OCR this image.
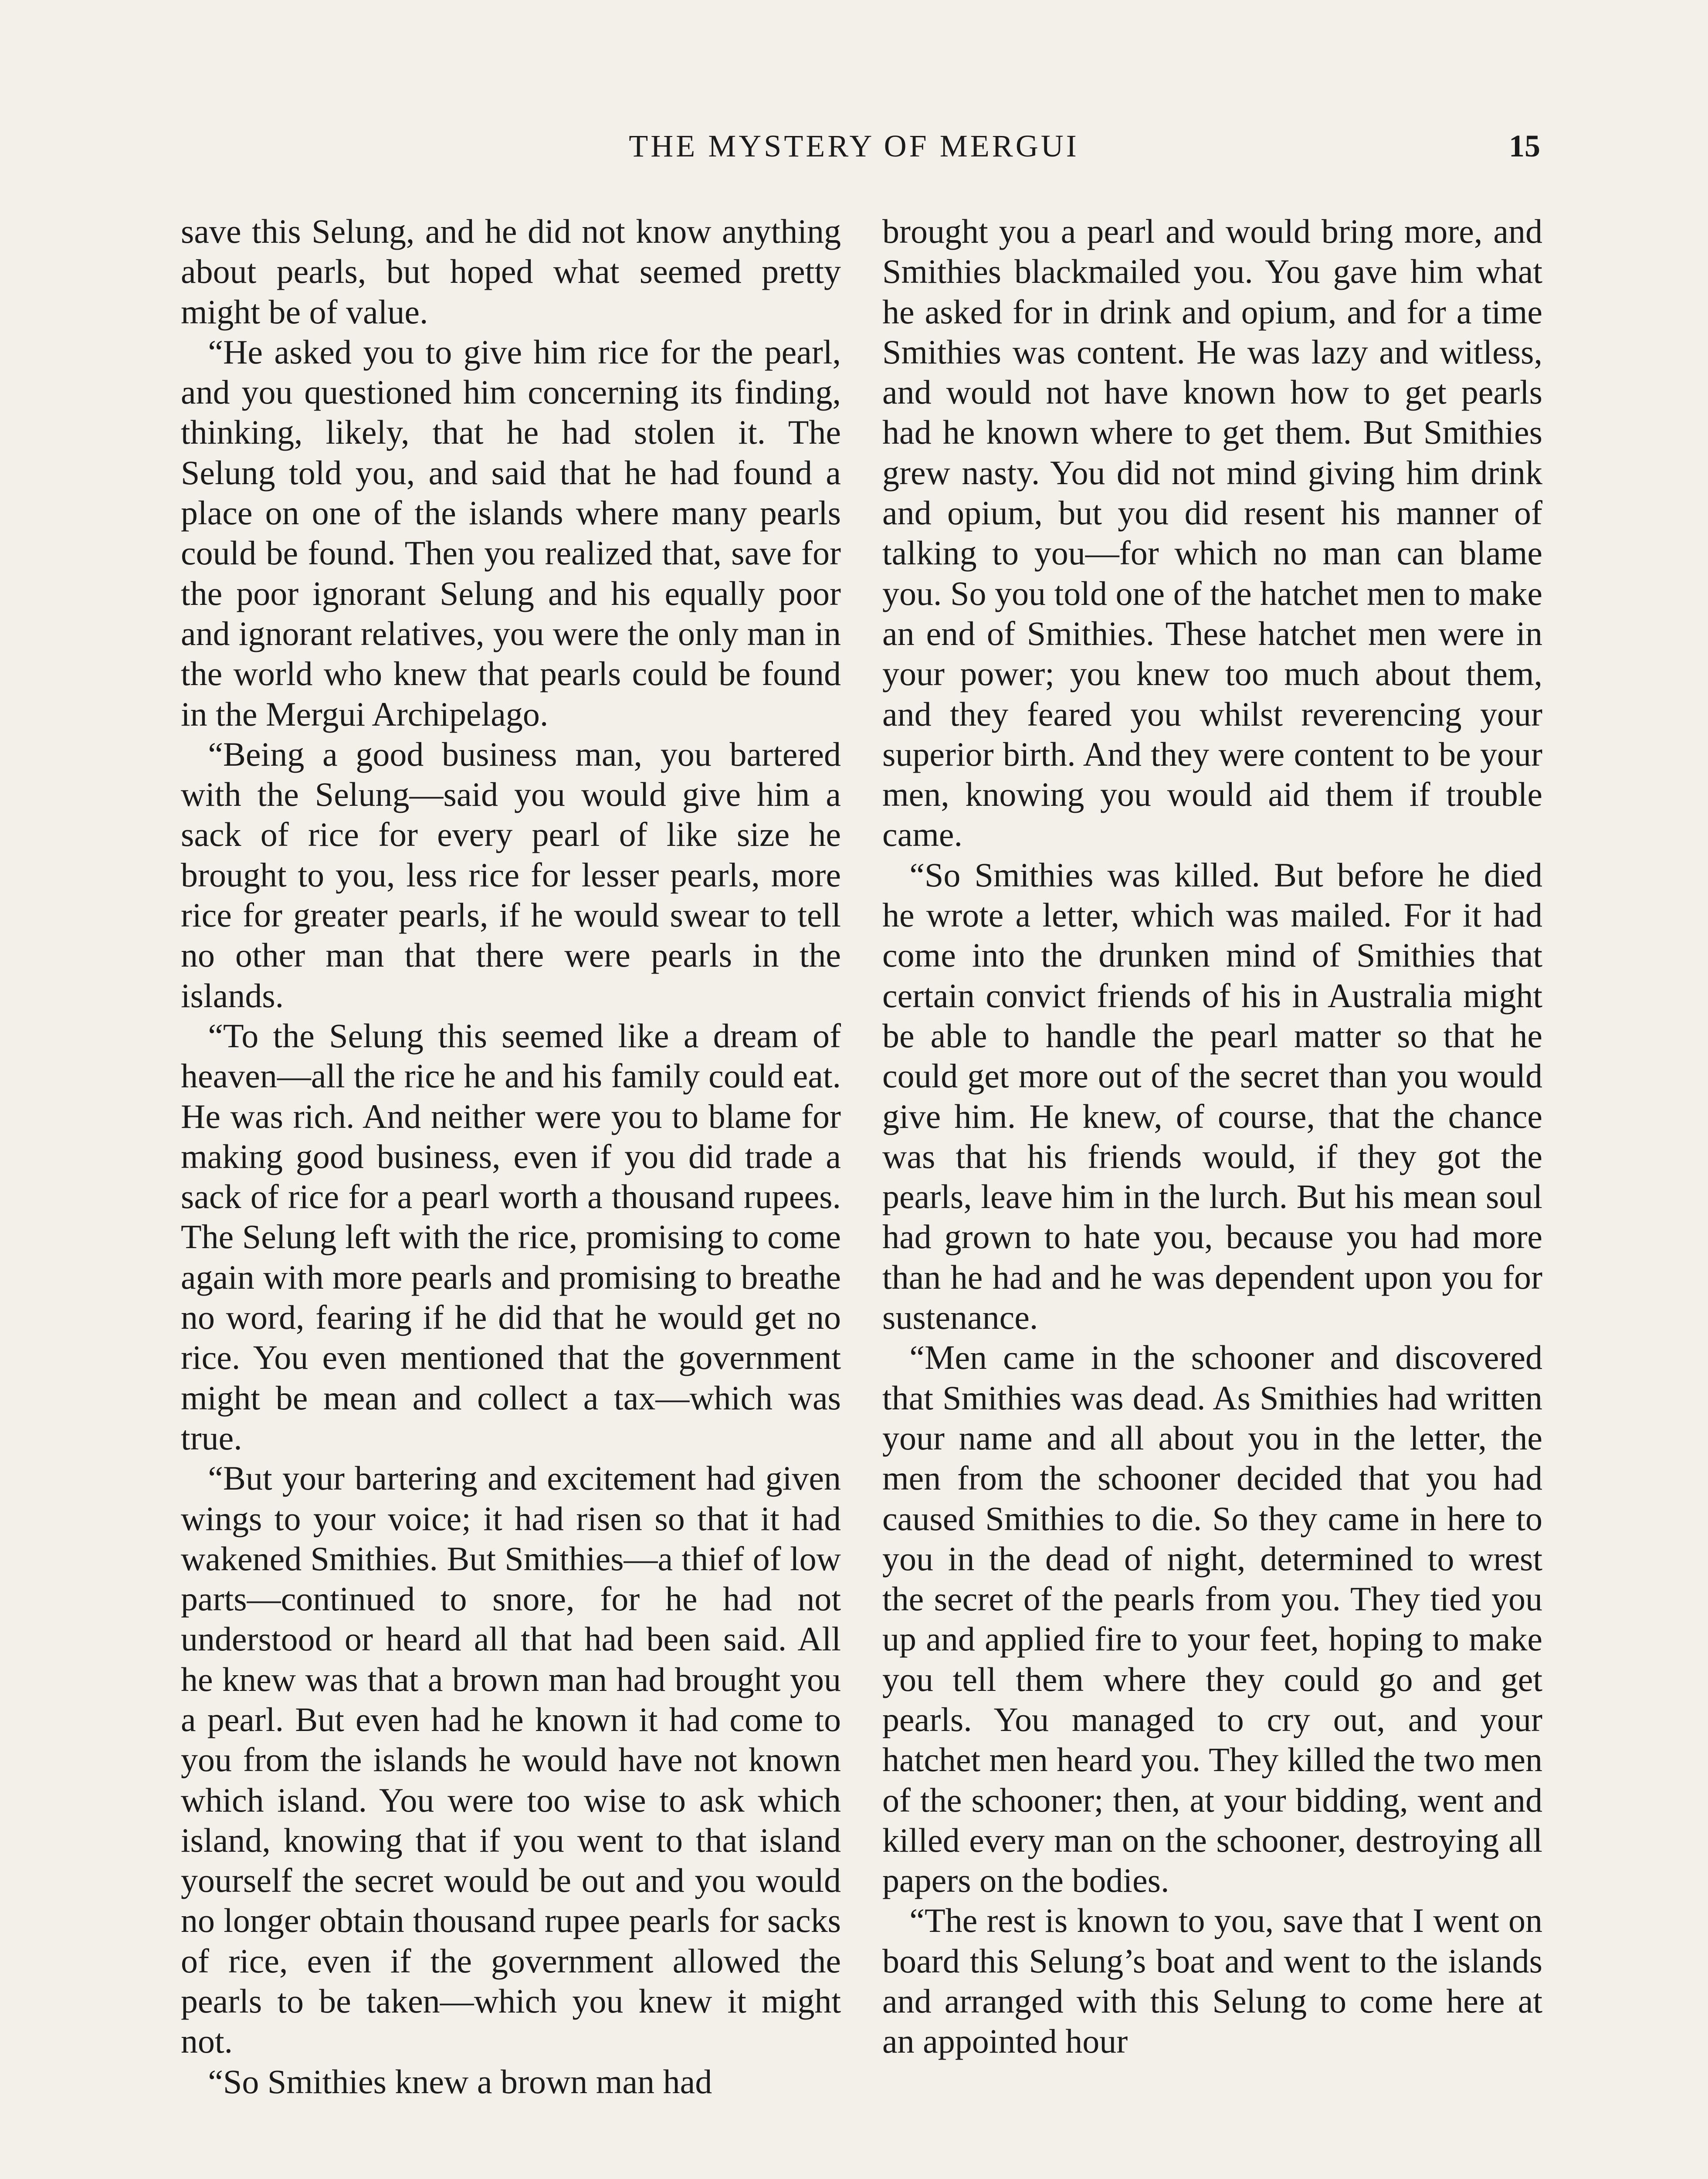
THE MYSTERY OF MERGUI	15

save this Selung, and he did not know anything about pearls, but hoped what seemed pretty might be of value.

“He asked you to give him rice for the pearl, and you questioned him concerning its finding, thinking, likely, that he had stolen it. The Selung told you, and said that he had found a place on one of the islands where many pearls could be found. Then you realized that, save for the poor ignorant Selung and his equally poor and ignorant relatives, you were the only man in the world who knew that pearls could be found in the Mergui Archipelago.

“Being a good business man, you bartered with the Selung—said you would give him a sack of rice for every pearl of like size he brought to you, less rice for lesser pearls, more rice for greater pearls, if he would swear to tell no other man that there were pearls in the islands.

“To the Selung this seemed like a dream of heaven—all the rice he and his family could eat. He was rich. And neither were you to blame for making good business, even if you did trade a sack of rice for a pearl worth a thousand rupees. The Selung left with the rice, promising to come again with more pearls and promising to breathe no word, fearing if he did that he would get no rice. You even mentioned that the government might be mean and collect a tax—which was true.

“But your bartering and excitement had given wings to your voice; it had risen so that it had wakened Smithies. But Smithies—a thief of low parts—continued to snore, for he had not understood or heard all that had been said. All he knew was that a brown man had brought you a pearl. But even had he known it had come to you from the islands he would have not known which island. You were too wise to ask which island, knowing that if you went to that island yourself the secret would be out and you would no longer obtain thousand rupee pearls for sacks of rice, even if the government allowed the pearls to be taken—which you knew it might not.

“So Smithies knew a brown man had

brought you a pearl and would bring more, and Smithies blackmailed you. You gave him what he asked for in drink and opium, and for a time Smithies was content. He was lazy and witless, and would not have known how to get pearls had he known where to get them. But Smithies grew nasty. You did not mind giving him drink and opium, but you did resent his manner of talking to you—for which no man can blame you. So you told one of the hatchet men to make an end of Smithies. These hatchet men were in your power; you knew too much about them, and they feared you whilst reverencing your superior birth. And they were content to be your men, knowing you would aid them if trouble came.

“So Smithies was killed. But before he died he wrote a letter, which was mailed. For it had come into the drunken mind of Smithies that certain convict friends of his in Australia might be able to handle the pearl matter so that he could get more out of the secret than you would give him. He knew, of course, that the chance was that his friends would, if they got the pearls, leave him in the lurch. But his mean soul had grown to hate you, because you had more than he had and he was dependent upon you for sustenance.

“Men came in the schooner and discovered that Smithies was dead. As Smithies had written your name and all about you in the letter, the men from the schooner decided that you had caused Smithies to die. So they came in here to you in the dead of night, determined to wrest the secret of the pearls from you. They tied you up and applied fire to your feet, hoping to make you tell them where they could go and get pearls. You managed to cry out, and your hatchet men heard you. They killed the two men of the schooner; then, at your bidding, went and killed every man on the schooner, destroying all papers on the bodies.

“The rest is known to you, save that I went on board this Selung’s boat and went to the islands and arranged with this Selung to come here at an appointed hour
